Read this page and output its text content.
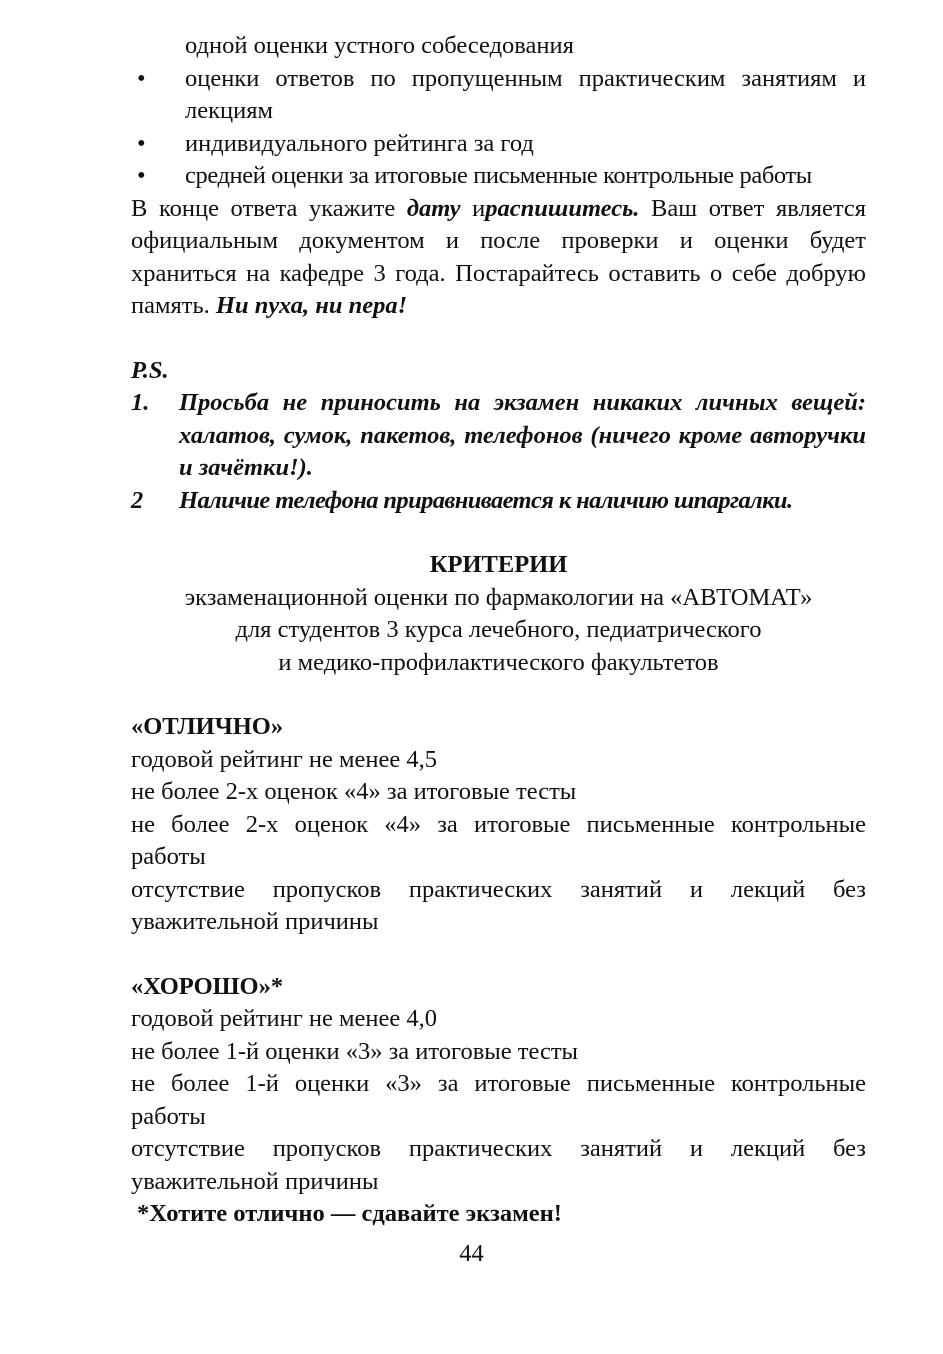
одной оценки устного собеседования
• оценки ответов по пропущенным практическим занятиям и лекциям
• индивидуального рейтинга за год
• средней оценки за итоговые письменные контрольные работы
В конце ответа укажите дату ираспишитесь. Ваш ответ является официальным документом и после проверки и оценки будет храниться на кафедре 3 года. Постарайтесь оставить о себе добрую память. Ни пуха, ни пера!
P.S.
1. Просьба не приносить на экзамен никаких личных вещей: халатов, сумок, пакетов, телефонов (ничего кроме авторучки и зачётки!).
2 Наличие телефона приравнивается к наличию шпаргалки.
КРИТЕРИИ
экзаменационной оценки по фармакологии на «АВТОМАТ»
для студентов 3 курса лечебного, педиатрического
и медико-профилактического факультетов
«ОТЛИЧНО»
годовой рейтинг не менее 4,5
не более 2-х оценок «4» за итоговые тесты
не более 2-х оценок «4» за итоговые письменные контрольные работы
отсутствие пропусков практических занятий и лекций без уважительной причины
«ХОРОШО»*
годовой рейтинг не менее 4,0
не более 1-й оценки «3» за итоговые тесты
не более 1-й оценки «3» за итоговые письменные контрольные работы
отсутствие пропусков практических занятий и лекций без уважительной причины
*Хотите отлично — сдавайте экзамен!
44
